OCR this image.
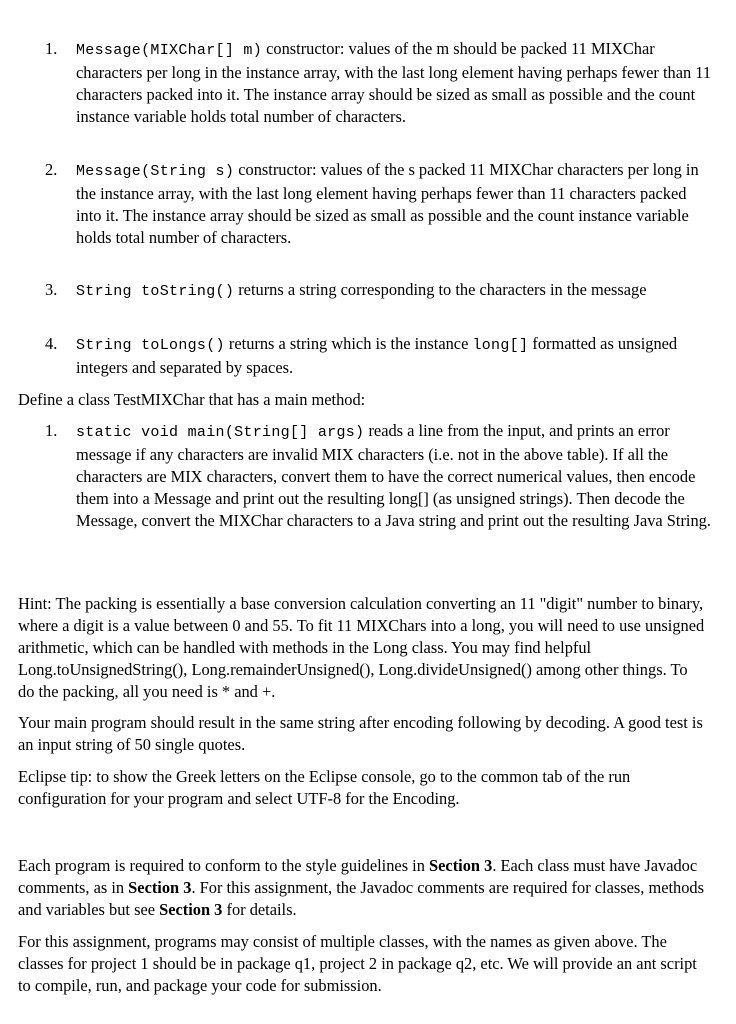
1. Message(MIXChar[] m) constructor: values of the m should be packed 11 MIXChar characters per long in the instance array, with the last long element having perhaps fewer than 11 characters packed into it. The instance array should be sized as small as possible and the count instance variable holds total number of characters.
2. Message(String s) constructor: values of the s packed 11 MIXChar characters per long in the instance array, with the last long element having perhaps fewer than 11 characters packed into it. The instance array should be sized as small as possible and the count instance variable holds total number of characters.
3. String toString() returns a string corresponding to the characters in the message
4. String toLongs() returns a string which is the instance long[] formatted as unsigned integers and separated by spaces.
Define a class TestMIXChar that has a main method:
1. static void main(String[] args) reads a line from the input, and prints an error message if any characters are invalid MIX characters (i.e. not in the above table). If all the characters are MIX characters, convert them to have the correct numerical values, then encode them into a Message and print out the resulting long[] (as unsigned strings). Then decode the Message, convert the MIXChar characters to a Java string and print out the resulting Java String.
Hint: The packing is essentially a base conversion calculation converting an 11 "digit" number to binary, where a digit is a value between 0 and 55. To fit 11 MIXChars into a long, you will need to use unsigned arithmetic, which can be handled with methods in the Long class. You may find helpful Long.toUnsignedString(), Long.remainderUnsigned(), Long.divideUnsigned() among other things. To do the packing, all you need is * and +.
Your main program should result in the same string after encoding following by decoding. A good test is an input string of 50 single quotes.
Eclipse tip: to show the Greek letters on the Eclipse console, go to the common tab of the run configuration for your program and select UTF-8 for the Encoding.
Each program is required to conform to the style guidelines in Section 3. Each class must have Javadoc comments, as in Section 3. For this assignment, the Javadoc comments are required for classes, methods and variables but see Section 3 for details.
For this assignment, programs may consist of multiple classes, with the names as given above. The classes for project 1 should be in package q1, project 2 in package q2, etc. We will provide an ant script to compile, run, and package your code for submission.
